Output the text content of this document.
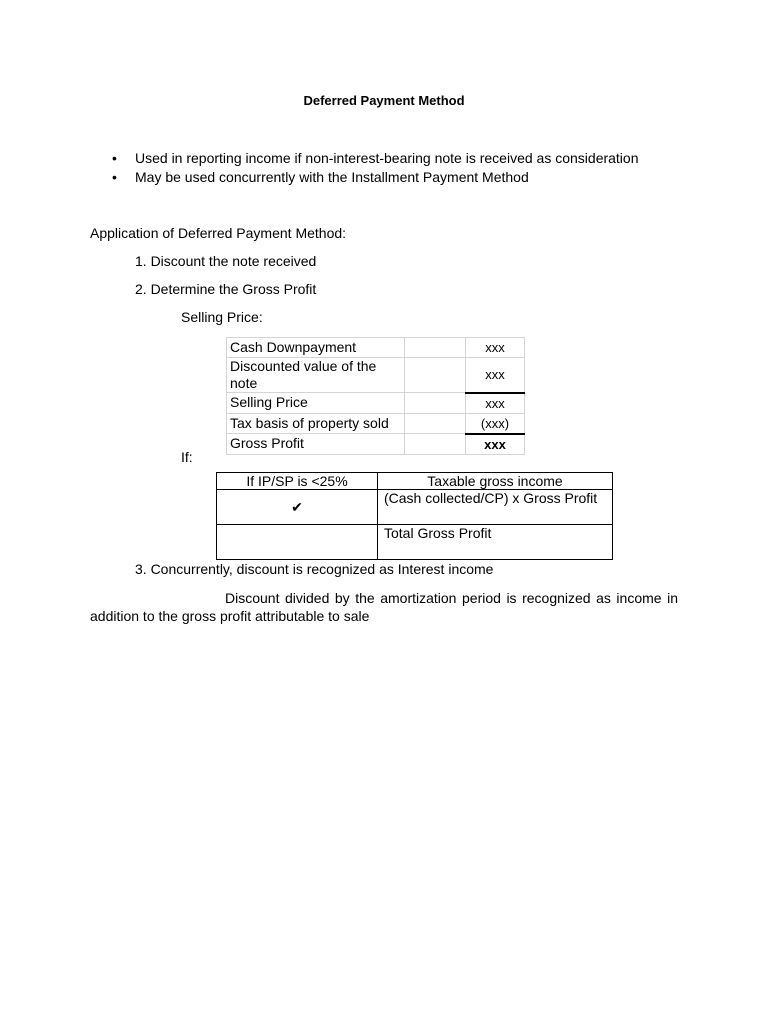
Deferred Payment Method
• Used in reporting income if non-interest-bearing note is received as consideration
• May be used concurrently with the Installment Payment Method
Application of Deferred Payment Method:
1. Discount the note received
2. Determine the Gross Profit
Selling Price:
Cash Downpayment		xxx
Discounted value of the note		xxx
Selling Price		xxx
Tax basis of property sold		(xxx)
Gross Profit		xxx
If:
If IP/SP is <25%	Taxable gross income
✔	(Cash collected/CP) x Gross Profit
	Total Gross Profit
3. Concurrently, discount is recognized as Interest income

Discount divided by the amortization period is recognized as income in addition to the gross profit attributable to sale
